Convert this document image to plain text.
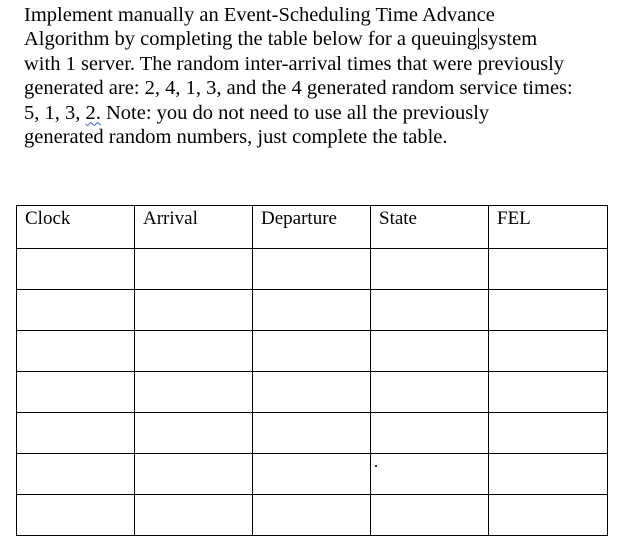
Implement manually an Event-Scheduling Time Advance
Algorithm by completing the table below for a queuing system
with 1 server. The random inter-arrival times that were previously
generated are: 2, 4, 1, 3, and the 4 generated random service times:
5, 1, 3, 2. Note: you do not need to use all the previously
generated random numbers, just complete the table.
Clock	Arrival	Departure	State	FEL
